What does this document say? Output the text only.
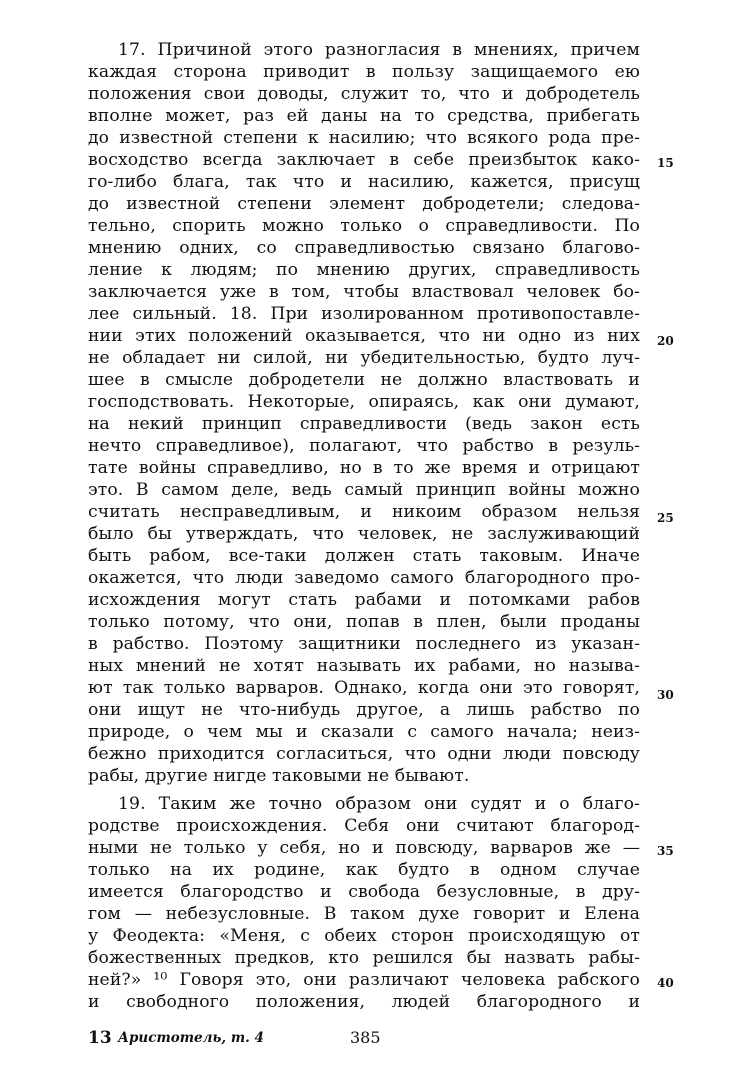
17. Причиной этого разногласия в мнениях, причем
каждая сторона приводит в пользу защищаемого ею
положения свои доводы, служит то, что и добродетель
вполне может, раз ей даны на то средства, прибегать
до известной степени к насилию; что всякого рода пре-
восходство всегда заключает в себе преизбыток како-
го-либо блага, так что и насилию, кажется, присущ
до известной степени элемент добродетели; следова-
тельно, спорить можно только о справедливости. По
мнению одних, со справедливостью связано благово-
ление к людям; по мнению других, справедливость
заключается уже в том, чтобы властвовал человек бо-
лее сильный. 18. При изолированном противопоставле-
нии этих положений оказывается, что ни одно из них
не обладает ни силой, ни убедительностью, будто луч-
шее в смысле добродетели не должно властвовать и
господствовать. Некоторые, опираясь, как они думают,
на некий принцип справедливости (ведь закон есть
нечто справедливое), полагают, что рабство в резуль-
тате войны справедливо, но в то же время и отрицают
это. В самом деле, ведь самый принцип войны можно
считать несправедливым, и никоим образом нельзя
было бы утверждать, что человек, не заслуживающий
быть рабом, все-таки должен стать таковым. Иначе
окажется, что люди заведомо самого благородного про-
исхождения могут стать рабами и потомками рабов
только потому, что они, попав в плен, были проданы
в рабство. Поэтому защитники последнего из указан-
ных мнений не хотят называть их рабами, но называ-
ют так только варваров. Однако, когда они это говорят,
они ищут не что-нибудь другое, а лишь рабство по
природе, о чем мы и сказали с самого начала; неиз-
бежно приходится согласиться, что одни люди повсюду
рабы, другие нигде таковыми не бывают.
19. Таким же точно образом они судят и о благо-
родстве происхождения. Себя они считают благород-
ными не только у себя, но и повсюду, варваров же —
только на их родине, как будто в одном случае
имеется благородство и свобода безусловные, в дру-
гом — небезусловные. В таком духе говорит и Елена
у Феодекта: «Меня, с обеих сторон происходящую от
божественных предков, кто решился бы назвать рабы-
ней?» ¹⁰ Говоря это, они различают человека рабского
и свободного положения, людей благородного и
15
20
25
30
35
40
13 Аристотель, т. 4	385
